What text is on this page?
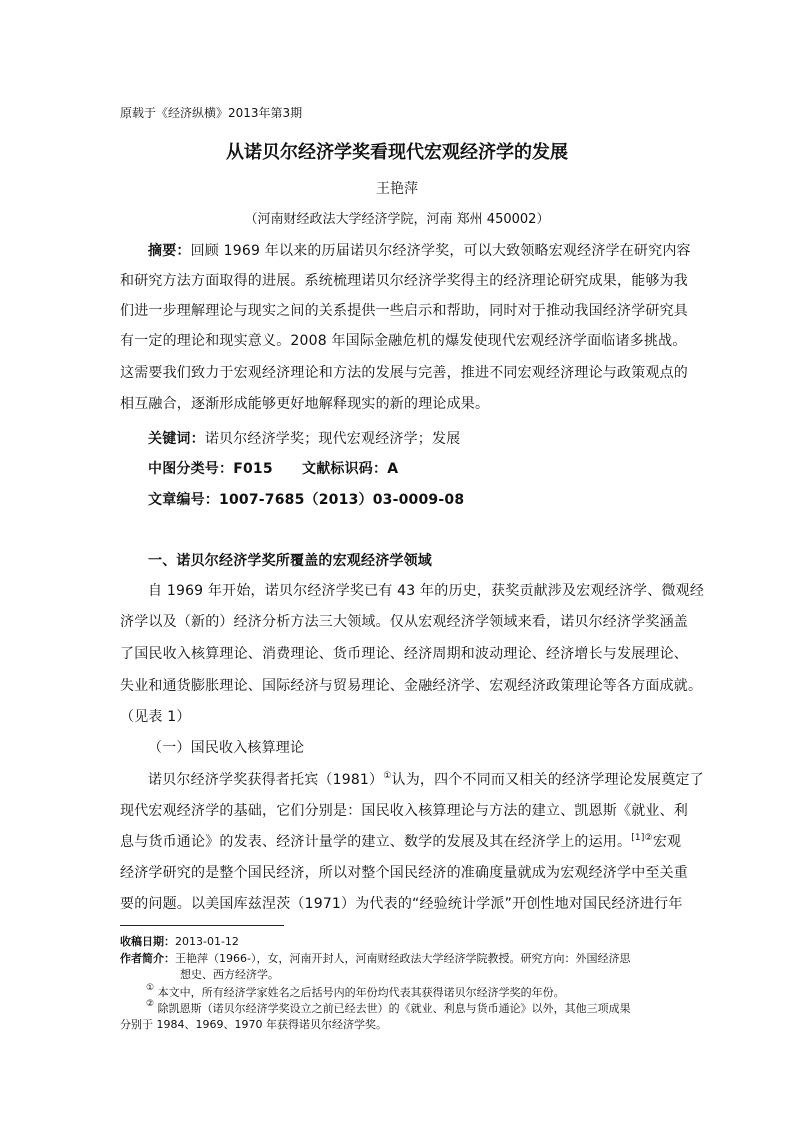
原载于《经济纵横》2013年第3期
从诺贝尔经济学奖看现代宏观经济学的发展
王艳萍
（河南财经政法大学经济学院，河南 郑州 450002）
摘要：回顾 1969 年以来的历届诺贝尔经济学奖，可以大致领略宏观经济学在研究内容
和研究方法方面取得的进展。系统梳理诺贝尔经济学奖得主的经济理论研究成果，能够为我
们进一步理解理论与现实之间的关系提供一些启示和帮助，同时对于推动我国经济学研究具
有一定的理论和现实意义。2008 年国际金融危机的爆发使现代宏观经济学面临诸多挑战。
这需要我们致力于宏观经济理论和方法的发展与完善，推进不同宏观经济理论与政策观点的
相互融合，逐渐形成能够更好地解释现实的新的理论成果。
关键词：诺贝尔经济学奖；现代宏观经济学；发展
中图分类号：F015 文献标识码：A
文章编号：1007-7685（2013）03-0009-08
一、诺贝尔经济学奖所覆盖的宏观经济学领域
自 1969 年开始，诺贝尔经济学奖已有 43 年的历史，获奖贡献涉及宏观经济学、微观经
济学以及（新的）经济分析方法三大领域。仅从宏观经济学领域来看，诺贝尔经济学奖涵盖
了国民收入核算理论、消费理论、货币理论、经济周期和波动理论、经济增长与发展理论、
失业和通货膨胀理论、国际经济与贸易理论、金融经济学、宏观经济政策理论等各方面成就。
（见表 1）
（一）国民收入核算理论
诺贝尔经济学奖获得者托宾（1981）①认为，四个不同而又相关的经济学理论发展奠定了
现代宏观经济学的基础，它们分别是：国民收入核算理论与方法的建立、凯恩斯《就业、利
息与货币通论》的发表、经济计量学的建立、数学的发展及其在经济学上的运用。$^{[1]②}$宏观
经济学研究的是整个国民经济，所以对整个国民经济的准确度量就成为宏观经济学中至关重
要的问题。以美国库兹涅茨（1971）为代表的“经验统计学派”开创性地对国民经济进行年
收稿日期：2013-01-12
作者简介：王艳萍（1966-），女，河南开封人，河南财经政法大学经济学院教授。研究方向：外国经济思
想史、西方经济学。
① 本文中，所有经济学家姓名之后括号内的年份均代表其获得诺贝尔经济学奖的年份。
② 除凯恩斯（诺贝尔经济学奖设立之前已经去世）的《就业、利息与货币通论》以外，其他三项成果
分别于 1984、1969、1970 年获得诺贝尔经济学奖。
